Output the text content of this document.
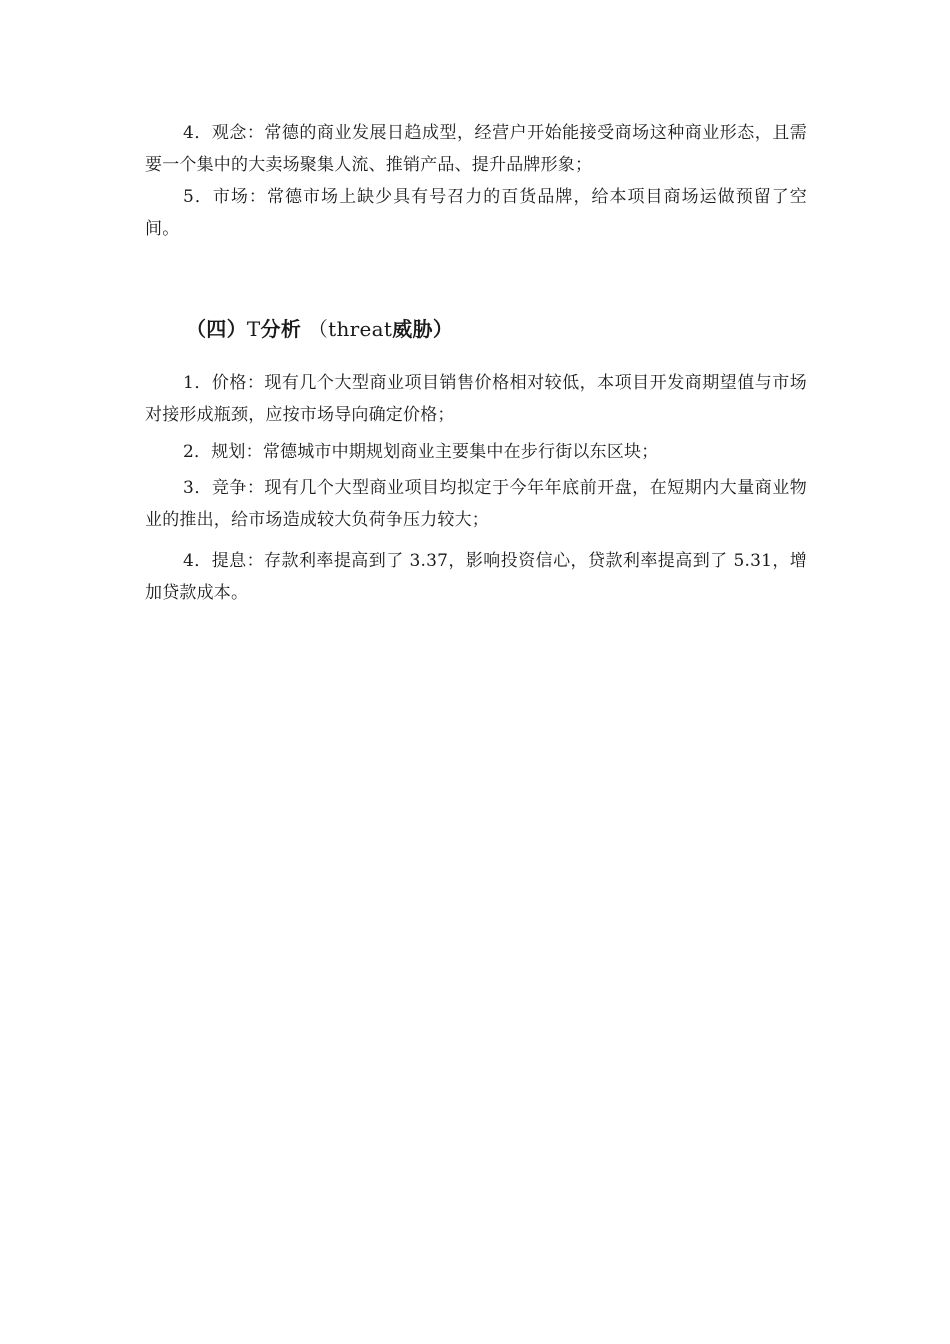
4．观念：常德的商业发展日趋成型，经营户开始能接受商场这种商业形态，且需要一个集中的大卖场聚集人流、推销产品、提升品牌形象；

5．市场：常德市场上缺少具有号召力的百货品牌，给本项目商场运做预留了空间。

（四）T分析 （threat威胁）

1．价格：现有几个大型商业项目销售价格相对较低，本项目开发商期望值与市场对接形成瓶颈，应按市场导向确定价格；

2．规划：常德城市中期规划商业主要集中在步行街以东区块；

3．竞争：现有几个大型商业项目均拟定于今年年底前开盘，在短期内大量商业物业的推出，给市场造成较大负荷争压力较大；

4．提息：存款利率提高到了 3.37，影响投资信心，贷款利率提高到了 5.31，增加贷款成本。
